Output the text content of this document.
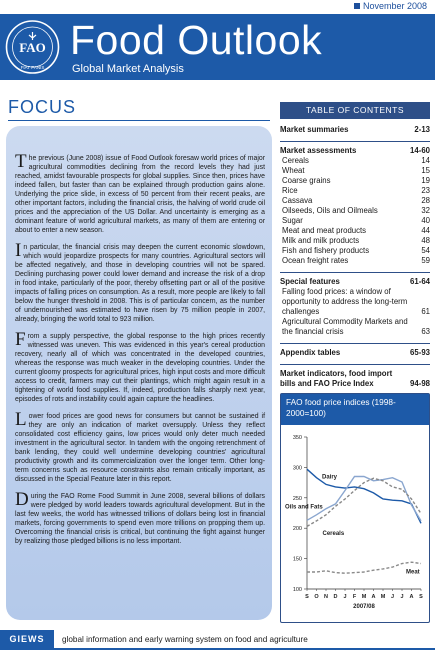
November 2008
FAO
FIAT PANIS
Food Outlook
Global Market Analysis
FOCUS

The previous (June 2008) issue of Food Outlook foresaw world prices of major agricultural commodities declining from the record levels they had just reached, amidst favourable prospects for global supplies. Since then, prices have indeed fallen, but faster than can be explained through production gains alone. Underlying the price slide, in excess of 50 percent from their recent peaks, are other important factors, including the financial crisis, the halving of world crude oil prices and the appreciation of the US Dollar. And uncertainty is emerging as a dominant feature of world agricultural markets, as many of them are entering or about to enter a new season.

In particular, the financial crisis may deepen the current economic slowdown, which would jeopardize prospects for many countries. Agricultural sectors will be affected negatively, and those in developing countries will not be spared. Declining purchasing power could lower demand and increase the risk of a drop in food intake, particularly of the poor, thereby offsetting part or all of the positive impacts of falling prices on consumption. As a result, more people are likely to fall below the hunger threshold in 2008. This is of particular concern, as the number of undernourished was estimated to have risen by 75 million people in 2007, already, bringing the world total to 923 million.

From a supply perspective, the global response to the high prices recently witnessed was uneven. This was evidenced in this year's cereal production recovery, nearly all of which was concentrated in the developed countries, whereas the response was much weaker in the developing countries. Under the current gloomy prospects for agricultural prices, high input costs and more difficult access to credit, farmers may cut their plantings, which might again result in a tightening of world food supplies. If, indeed, production falls sharply next year, episodes of rots and instability could again capture the headlines.

Lower food prices are good news for consumers but cannot be sustained if they are only an indication of market oversupply. Unless they reflect consolidated cost efficiency gains, low prices would only deter much needed investment in the agricultural sector. In tandem with the ongoing retrenchment of bank lending, they could well undermine developing countries' agricultural productivity growth and its commercialization over the longer term. Other long-term concerns such as resource constraints also remain critically important, as discussed in the Special Feature later in this report.

During the FAO Rome Food Summit in June 2008, several billions of dollars were pledged by world leaders towards agricultural development. But in the last few weeks, the world has witnessed trillions of dollars being lost in financial markets, forcing governments to spend even more trillions on propping them up. Overcoming the financial crisis is critical, but continuing the fight against hunger by realizing those pledged billions is no less important.

TABLE OF CONTENTS
Market summaries	2-13
Market assessments	14-60
Cereals	14
Wheat	15
Coarse grains	19
Rice	23
Cassava	28
Oilseeds, Oils and Oilmeals	32
Sugar	40
Meat and meat products	44
Milk and milk products	48
Fish and fishery products	54
Ocean freight rates	59
Special features	61-64
Falling food prices: a window of opportunity to address the long-term challenges	61
Agricultural Commodity Markets and the financial crisis	63
Appendix tables	65-93
Market indicators, food import bills and FAO Price Index	94-98
FAO food price indices (1998-2000=100)
100
150
200
250
300
350
S O N D J F M A M J J A S
2007/08
Dairy
Oils and Fats
Cereals
Meat
GIEWS	global information and early warning system on food and agriculture
